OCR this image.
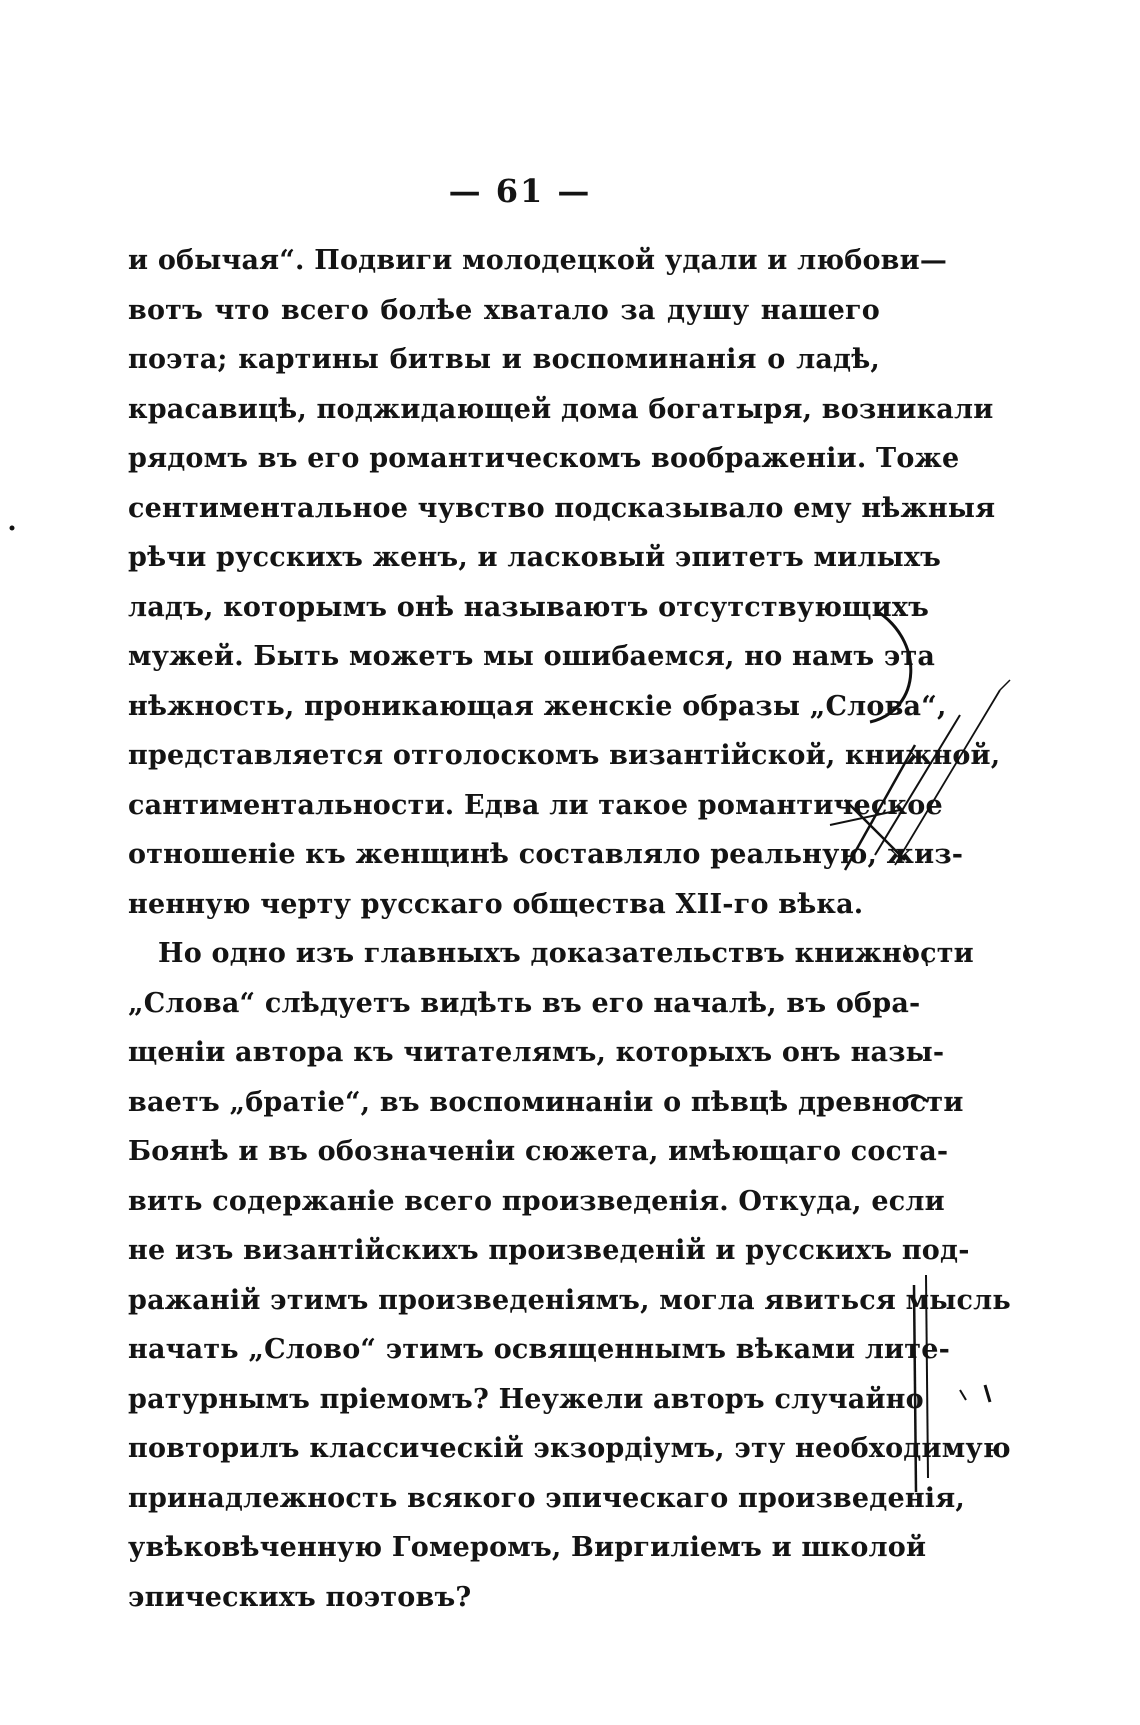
— 61 —
и обычая“. Подвиги молодецкой удали и любови—
вотъ что всего болѣе хватало за душу нашего
поэта; картины битвы и воспоминанія о ладѣ,
красавицѣ, поджидающей дома богатыря, возникали
рядомъ въ его романтическомъ воображеніи. Тоже
сентиментальное чувство подсказывало ему нѣжныя
рѣчи русскихъ женъ, и ласковый эпитетъ милыхъ
ладъ, которымъ онѣ называютъ отсутствующихъ
мужей. Быть можетъ мы ошибаемся, но намъ эта
нѣжность, проникающая женскіе образы „Слова“,
представляется отголоскомъ византійской, книжной,
сантиментальности. Едва ли такое романтическое
отношеніе къ женщинѣ составляло реальную, жиз-
ненную черту русскаго общества XII-го вѣка.
Но одно изъ главныхъ доказательствъ книжности
„Слова“ слѣдуетъ видѣть въ его началѣ, въ обра-
щеніи автора къ читателямъ, которыхъ онъ назы-
ваетъ „братіе“, въ воспоминаніи о пѣвцѣ древности
Боянѣ и въ обозначеніи сюжета, имѣющаго соста-
вить содержаніе всего произведенія. Откуда, если
не изъ византійскихъ произведеній и русскихъ под-
ражаній этимъ произведеніямъ, могла явиться мысль
начать „Слово“ этимъ освященнымъ вѣками лите-
ратурнымъ пріемомъ? Неужели авторъ случайно
повторилъ классическій экзордіумъ, эту необходимую
принадлежность всякого эпическаго произведенія,
увѣковѣченную Гомеромъ, Виргиліемъ и школой
эпическихъ поэтовъ?
